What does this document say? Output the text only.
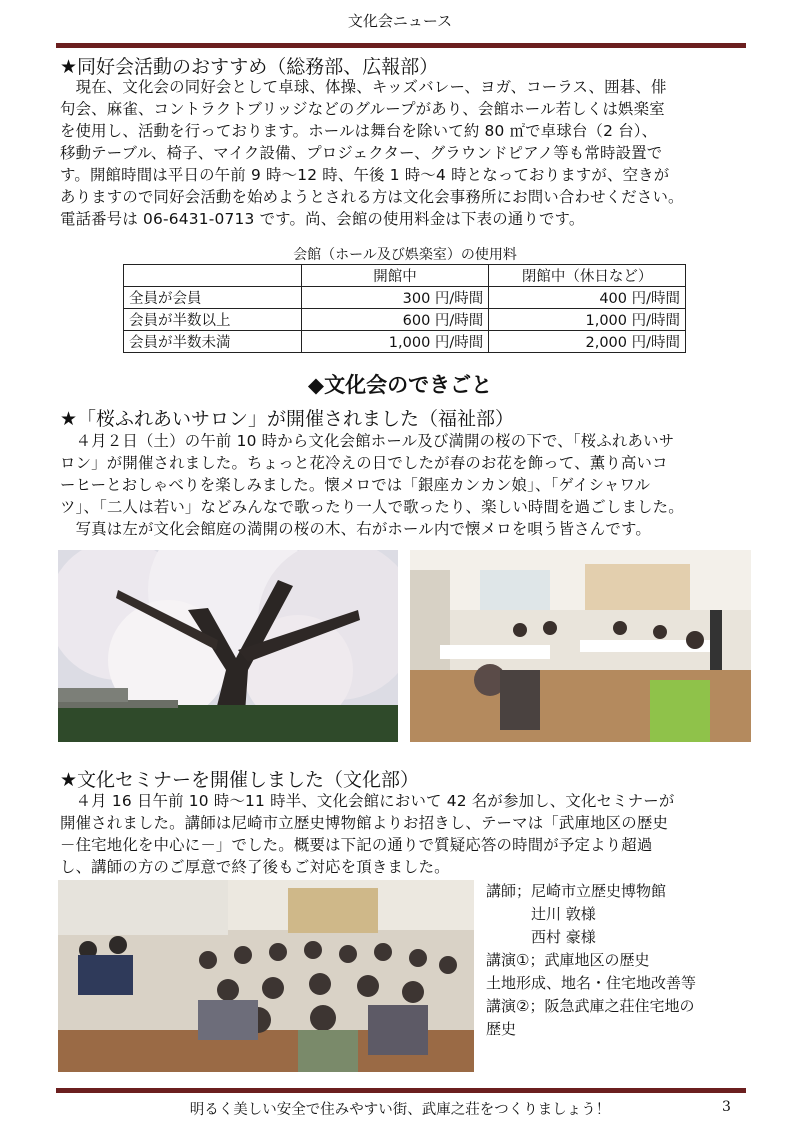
文化会ニュース
★同好会活動のおすすめ（総務部、広報部）
　現在、文化会の同好会として卓球、体操、キッズバレー、ヨガ、コーラス、囲碁、俳
句会、麻雀、コントラクトブリッジなどのグループがあり、会館ホール若しくは娯楽室
を使用し、活動を行っております。ホールは舞台を除いて約 80 ㎡で卓球台（2 台）、
移動テーブル、椅子、マイク設備、プロジェクター、グラウンドピアノ等も常時設置で
す。開館時間は平日の午前 9 時～12 時、午後 1 時～4 時となっておりますが、空きが
ありますので同好会活動を始めようとされる方は文化会事務所にお問い合わせください。
電話番号は 06-6431-0713 です。尚、会館の使用料金は下表の通りです。
会館（ホール及び娯楽室）の使用料
	開館中	閉館中（休日など）
全員が会員	300 円/時間	400 円/時間
会員が半数以上	600 円/時間	1,000 円/時間
会員が半数未満	1,000 円/時間	2,000 円/時間
◆文化会のできごと
★「桜ふれあいサロン」が開催されました（福祉部）
　４月２日（土）の午前 10 時から文化会館ホール及び満開の桜の下で、「桜ふれあいサ
ロン」が開催されました。ちょっと花冷えの日でしたが春のお花を飾って、薫り高いコ
ーヒーとおしゃべりを楽しみました。懐メロでは「銀座カンカン娘」、「ゲイシャワル
ツ」、「二人は若い」などみんなで歌ったり一人で歌ったり、楽しい時間を過ごしました。
　写真は左が文化会館庭の満開の桜の木、右がホール内で懐メロを唄う皆さんです。
★文化セミナーを開催しました（文化部）
　４月 16 日午前 10 時～11 時半、文化会館において 42 名が参加し、文化セミナーが
開催されました。講師は尼崎市立歴史博物館よりお招きし、テーマは「武庫地区の歴史
－住宅地化を中心に－」でした。概要は下記の通りで質疑応答の時間が予定より超過
し、講師の方のご厚意で終了後もご対応を頂きました。
講師；尼崎市立歴史博物館
　　　辻川 敦様
　　　西村 豪様
講演①；武庫地区の歴史
土地形成、地名・住宅地改善等
講演②；阪急武庫之荘住宅地の
歴史
明るく美しい安全で住みやすい街、武庫之荘をつくりましょう！	3
